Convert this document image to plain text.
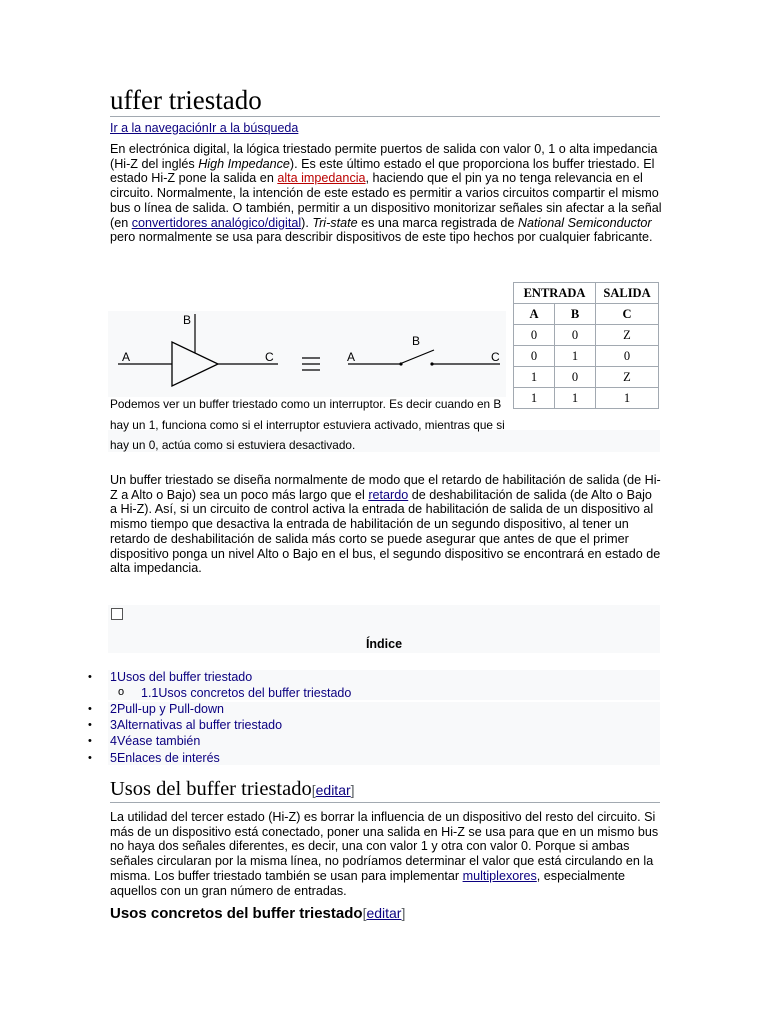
uffer triestado
Ir a la navegaciónIr a la búsqueda

En electrónica digital, la lógica triestado permite puertos de salida con valor 0, 1 o alta impedancia (Hi-Z del inglés High Impedance). Es este último estado el que proporciona los buffer triestado. El estado Hi-Z pone la salida en alta impedancia, haciendo que el pin ya no tenga relevancia en el circuito. Normalmente, la intención de este estado es permitir a varios circuitos compartir el mismo bus o línea de salida. O también, permitir a un dispositivo monitorizar señales sin afectar a la señal (en convertidores analógico/digital). Tri-state es una marca registrada de National Semiconductor pero normalmente se usa para describir dispositivos de este tipo hechos por cualquier fabricante.

A
B
C	A
B
C
ENTRADA		SALIDA
A	B	C
0	0	Z
0	1	0
1	0	Z
1	1	1
Podemos ver un buffer triestado como un interruptor. Es decir cuando en B hay un 1, funciona como si el interruptor estuviera activado, mientras que si hay un 0, actúa como si estuviera desactivado.

Un buffer triestado se diseña normalmente de modo que el retardo de habilitación de salida (de Hi-Z a Alto o Bajo) sea un poco más largo que el retardo de deshabilitación de salida (de Alto o Bajo a Hi-Z). Así, si un circuito de control activa la entrada de habilitación de salida de un dispositivo al mismo tiempo que desactiva la entrada de habilitación de un segundo dispositivo, al tener un retardo de deshabilitación de salida más corto se puede asegurar que antes de que el primer dispositivo ponga un nivel Alto o Bajo en el bus, el segundo dispositivo se encontrará en estado de alta impedancia.

Índice
• 1Usos del buffer triestado
o 1.1Usos concretos del buffer triestado
• 2Pull-up y Pull-down
• 3Alternativas al buffer triestado
• 4Véase también
• 5Enlaces de interés
Usos del buffer triestado[editar]

La utilidad del tercer estado (Hi-Z) es borrar la influencia de un dispositivo del resto del circuito. Si más de un dispositivo está conectado, poner una salida en Hi-Z se usa para que en un mismo bus no haya dos señales diferentes, es decir, una con valor 1 y otra con valor 0. Porque si ambas señales circularan por la misma línea, no podríamos determinar el valor que está circulando en la misma. Los buffer triestado también se usan para implementar multiplexores, especialmente aquellos con un gran número de entradas.

Usos concretos del buffer triestado[editar]
